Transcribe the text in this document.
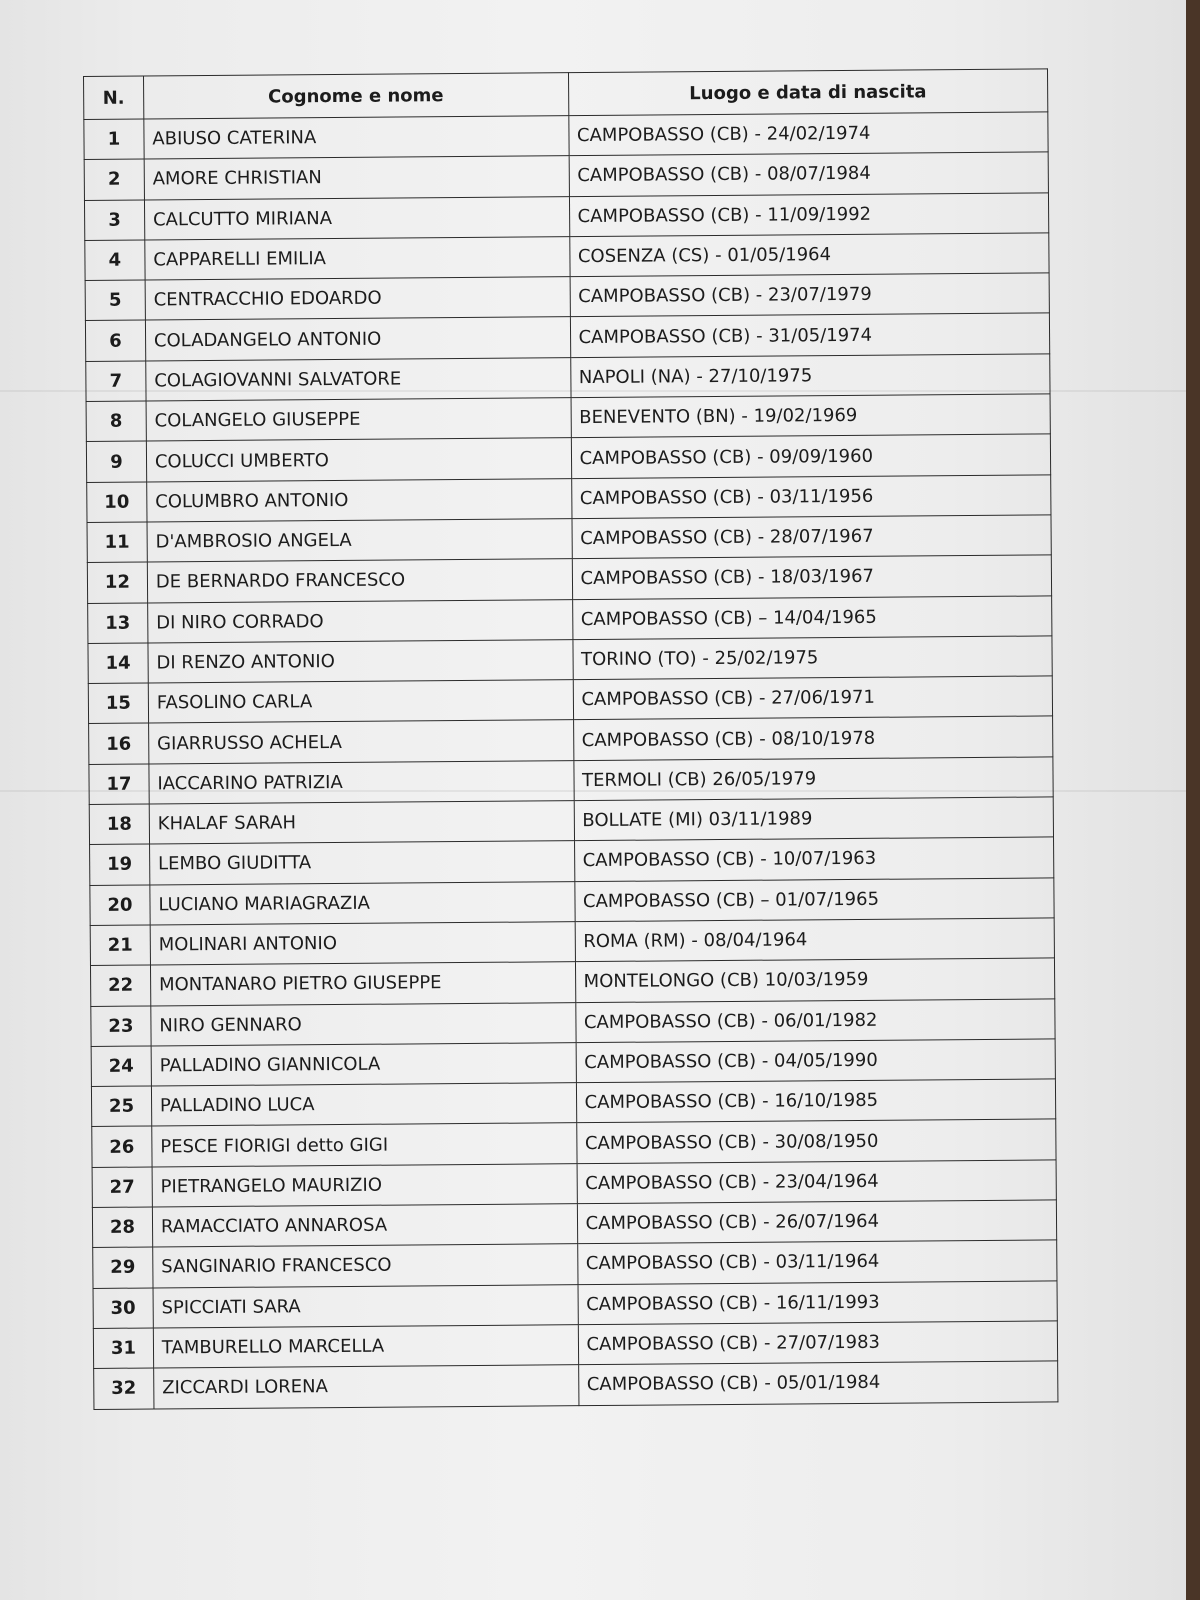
N.	Cognome e nome	Luogo e data di nascita
1	ABIUSO CATERINA	CAMPOBASSO (CB) - 24/02/1974
2	AMORE CHRISTIAN	CAMPOBASSO (CB) - 08/07/1984
3	CALCUTTO MIRIANA	CAMPOBASSO (CB) - 11/09/1992
4	CAPPARELLI EMILIA	COSENZA (CS) - 01/05/1964
5	CENTRACCHIO EDOARDO	CAMPOBASSO (CB) - 23/07/1979
6	COLADANGELO ANTONIO	CAMPOBASSO (CB) - 31/05/1974
7	COLAGIOVANNI SALVATORE	NAPOLI (NA) - 27/10/1975
8	COLANGELO GIUSEPPE	BENEVENTO (BN) - 19/02/1969
9	COLUCCI UMBERTO	CAMPOBASSO (CB) - 09/09/1960
10	COLUMBRO ANTONIO	CAMPOBASSO (CB) - 03/11/1956
11	D'AMBROSIO ANGELA	CAMPOBASSO (CB) - 28/07/1967
12	DE BERNARDO FRANCESCO	CAMPOBASSO (CB) - 18/03/1967
13	DI NIRO CORRADO	CAMPOBASSO (CB) – 14/04/1965
14	DI RENZO ANTONIO	TORINO (TO) - 25/02/1975
15	FASOLINO CARLA	CAMPOBASSO (CB) - 27/06/1971
16	GIARRUSSO ACHELA	CAMPOBASSO (CB) - 08/10/1978
17	IACCARINO PATRIZIA	TERMOLI (CB) 26/05/1979
18	KHALAF SARAH	BOLLATE (MI) 03/11/1989
19	LEMBO GIUDITTA	CAMPOBASSO (CB) - 10/07/1963
20	LUCIANO MARIAGRAZIA	CAMPOBASSO (CB) – 01/07/1965
21	MOLINARI ANTONIO	ROMA (RM) - 08/04/1964
22	MONTANARO PIETRO GIUSEPPE	MONTELONGO (CB) 10/03/1959
23	NIRO GENNARO	CAMPOBASSO (CB) - 06/01/1982
24	PALLADINO GIANNICOLA	CAMPOBASSO (CB) - 04/05/1990
25	PALLADINO LUCA	CAMPOBASSO (CB) - 16/10/1985
26	PESCE FIORIGI detto GIGI	CAMPOBASSO (CB) - 30/08/1950
27	PIETRANGELO MAURIZIO	CAMPOBASSO (CB) - 23/04/1964
28	RAMACCIATO ANNAROSA	CAMPOBASSO (CB) - 26/07/1964
29	SANGINARIO FRANCESCO	CAMPOBASSO (CB) - 03/11/1964
30	SPICCIATI SARA	CAMPOBASSO (CB) - 16/11/1993
31	TAMBURELLO MARCELLA	CAMPOBASSO (CB) - 27/07/1983
32	ZICCARDI LORENA	CAMPOBASSO (CB) - 05/01/1984
